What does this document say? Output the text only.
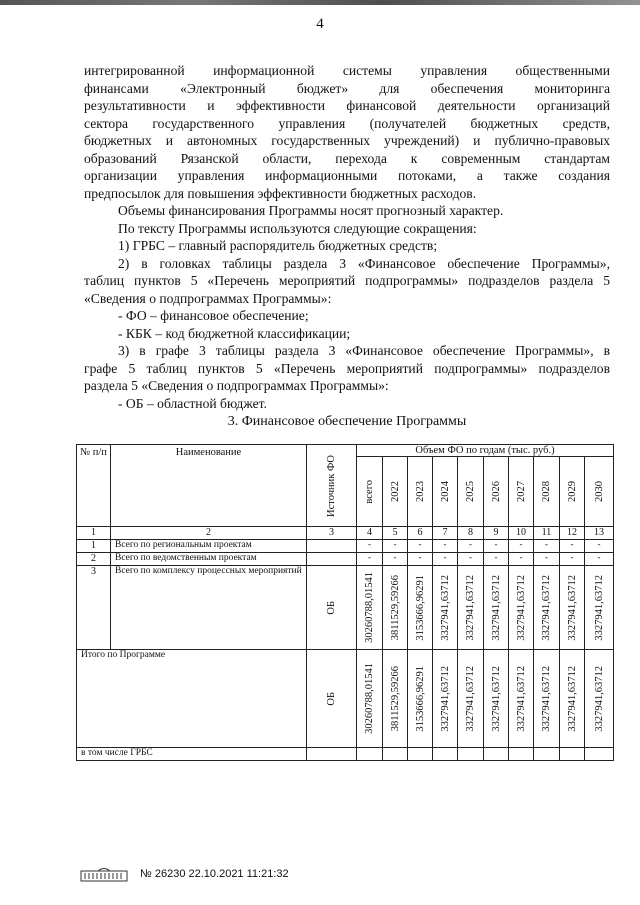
4

интегрированной информационной системы управления общественными

финансами «Электронный бюджет» для обеспечения мониторинга

результативности и эффективности финансовой деятельности организаций

сектора государственного управления (получателей бюджетных средств,

бюджетных и автономных государственных учреждений) и публично-правовых

образований Рязанской области, перехода к современным стандартам

организации управления информационными потоками, а также создания

предпосылок для повышения эффективности бюджетных расходов.

Объемы финансирования Программы носят прогнозный характер.

По тексту Программы используются следующие сокращения:

1) ГРБС – главный распорядитель бюджетных средств;

2) в головках таблицы раздела 3 «Финансовое обеспечение Программы»,

таблиц пунктов 5 «Перечень мероприятий подпрограммы» подразделов раздела 5

«Сведения о подпрограммах Программы»:

- ФО – финансовое обеспечение;

- КБК – код бюджетной классификации;

3) в графе 3 таблицы раздела 3 «Финансовое обеспечение Программы», в

графе 5 таблиц пунктов 5 «Перечень мероприятий подпрограммы» подразделов

раздела 5 «Сведения о подпрограммах Программы»:

- ОБ – областной бюджет.

3. Финансовое обеспечение Программы
№ п/п	Наименование	Источник ФО	Объем ФО по годам (тыс. руб.)									

			всего	2022	2023	2024	2025	2026	2027	2028	2029	2030

1	2	3	4	5	6	7	8	9	10	11	12	13
1	Всего по региональным проектам		-	-	-	-	-	-	-	-	-	-
2	Всего по ведомственным проектам		-	-	-	-	-	-	-	-	-	-
3	Всего по комплексу процессных мероприятий	ОБ	30260788,01541	3811529,59266	3153666,96291	3327941,63712	3327941,63712	3327941,63712	3327941,63712	3327941,63712	3327941,63712	3327941,63712

Итого по Программе		ОБ	30260788,01541	3811529,59266	3153666,96291	3327941,63712	3327941,63712	3327941,63712	3327941,63712	3327941,63712	3327941,63712	3327941,63712

в том числе ГРБС												
№ 26230 22.10.2021 11:21:32
